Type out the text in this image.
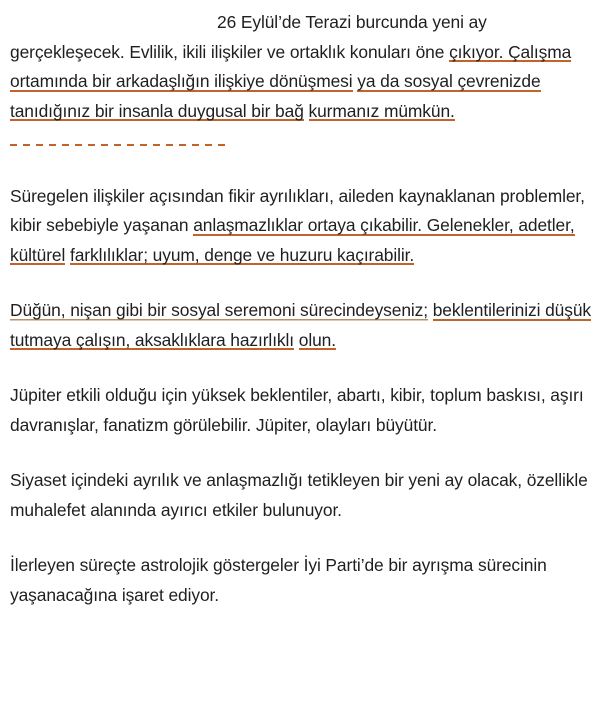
26 Eylül’de Terazi burcunda yeni ay gerçekleşecek. Evlilik, ikili ilişkiler ve ortaklık konuları öne çıkıyor. Çalışma ortamında bir arkadaşlığın ilişkiye dönüşmesi ya da sosyal çevrenizde tanıdığınız bir insanla duygusal bir bağ kurmanız mümkün.

Süregelen ilişkiler açısından fikir ayrılıkları, aileden kaynaklanan problemler, kibir sebebiyle yaşanan anlaşmazlıklar ortaya çıkabilir. Gelenekler, adetler, kültürel farklılıklar; uyum, denge ve huzuru kaçırabilir.

Düğün, nişan gibi bir sosyal seremoni sürecindeyseniz; beklentilerinizi düşük tutmaya çalışın, aksaklıklara hazırlıklı olun.

Jüpiter etkili olduğu için yüksek beklentiler, abartı, kibir, toplum baskısı, aşırı davranışlar, fanatizm görülebilir. Jüpiter, olayları büyütür.

Siyaset içindeki ayrılık ve anlaşmazlığı tetikleyen bir yeni ay olacak, özellikle muhalefet alanında ayırıcı etkiler bulunuyor.

İlerleyen süreçte astrolojik göstergeler İyi Parti’de bir ayrışma sürecinin yaşanacağına işaret ediyor.
